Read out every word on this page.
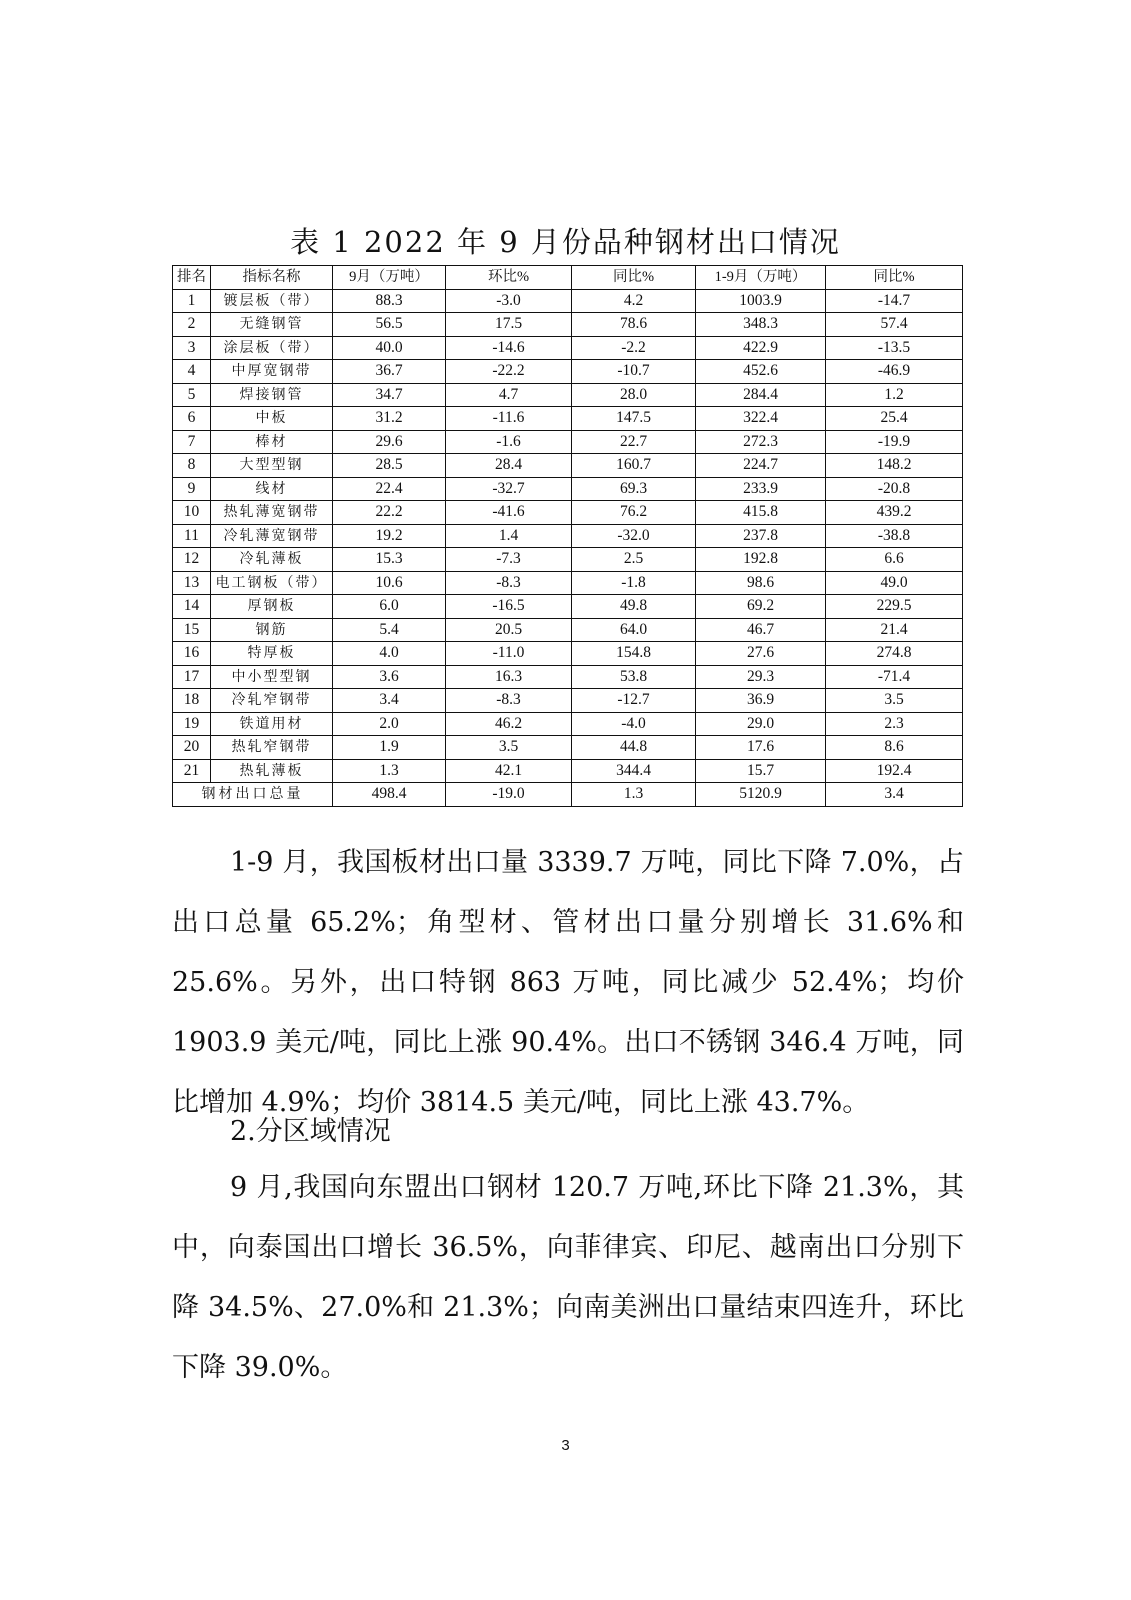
表 1 2022 年 9 月份品种钢材出口情况
排名	指标名称	9月（万吨）	环比%	同比%	1-9月（万吨）	同比%
1	镀层板（带）	88.3	-3.0	4.2	1003.9	-14.7
2	无缝钢管	56.5	17.5	78.6	348.3	57.4
3	涂层板（带）	40.0	-14.6	-2.2	422.9	-13.5
4	中厚宽钢带	36.7	-22.2	-10.7	452.6	-46.9
5	焊接钢管	34.7	4.7	28.0	284.4	1.2
6	中板	31.2	-11.6	147.5	322.4	25.4
7	棒材	29.6	-1.6	22.7	272.3	-19.9
8	大型型钢	28.5	28.4	160.7	224.7	148.2
9	线材	22.4	-32.7	69.3	233.9	-20.8
10	热轧薄宽钢带	22.2	-41.6	76.2	415.8	439.2
11	冷轧薄宽钢带	19.2	1.4	-32.0	237.8	-38.8
12	冷轧薄板	15.3	-7.3	2.5	192.8	6.6
13	电工钢板（带）	10.6	-8.3	-1.8	98.6	49.0
14	厚钢板	6.0	-16.5	49.8	69.2	229.5
15	钢筋	5.4	20.5	64.0	46.7	21.4
16	特厚板	4.0	-11.0	154.8	27.6	274.8
17	中小型型钢	3.6	16.3	53.8	29.3	-71.4
18	冷轧窄钢带	3.4	-8.3	-12.7	36.9	3.5
19	铁道用材	2.0	46.2	-4.0	29.0	2.3
20	热轧窄钢带	1.9	3.5	44.8	17.6	8.6
21	热轧薄板	1.3	42.1	344.4	15.7	192.4
钢材出口总量		498.4	-19.0	1.3	5120.9	3.4

1-9 月，我国板材出口量 3339.7 万吨，同比下降 7.0%，占出口总量 65.2%；角型材、管材出口量分别增长 31.6%和 25.6%。另外，出口特钢 863 万吨，同比减少 52.4%；均价 1903.9 美元/吨，同比上涨 90.4%。出口不锈钢 346.4 万吨，同比增加 4.9%；均价 3814.5 美元/吨，同比上涨 43.7%。

2.分区域情况

9 月,我国向东盟出口钢材 120.7 万吨,环比下降 21.3%，其中，向泰国出口增长 36.5%，向菲律宾、印尼、越南出口分别下降 34.5%、27.0%和 21.3%；向南美洲出口量结束四连升，环比下降 39.0%。

3
